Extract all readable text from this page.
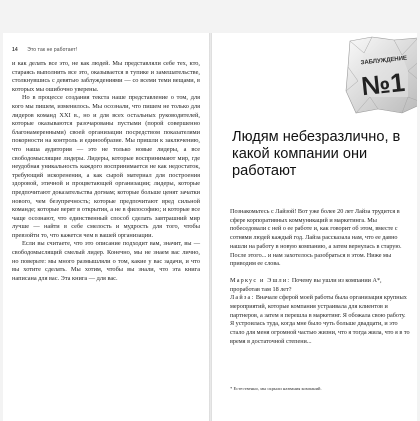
14 Это так не работает!

и как делать все это, не как людей. Мы представляли себе тех, кто, стараясь выполнить все это, оказывается в тупике и замешательстве, столкнувшись с девятью заблуждениями — со всеми теми вещами, в которых мы ошибочно уверены.

Но в процессе создания текста наше представление о том, для кого мы пишем, изменилось. Мы осознали, что пишем не только для лидеров команд XXI в., но и для всех остальных руководителей, которые оказываются разочарованы пустыми (порой совершенно благонамеренными) своей организации посредством показателями покорности на контроль и единообразие. Мы пришли к заключению, что наша аудитория — это не только новые лидеры, а все свободомыслящие лидеры. Лидеры, которые воспринимают мир, где неудобная уникальность каждого воспринимается не как недостаток, требующий искоренения, а как сырой материал для построения здоровой, этичной и процветающей организации; лидеры, которые предпочитают доказательства догмам; которые больше ценят зачатки нового, чем безупречность; которые предпочитают вред сильной команде; которые верят в открытия, а не в философию; и которые все чаще осознают, что единственный способ сделать завтрашний мир лучше — найти в себе смелость и мудрость для того, чтобы превзойти то, что кажется чем в вашей организации.

Если вы считаете, что это описание подходит вам, значит, вы — свободомыслящий смелый лидер. Конечно, мы не знаем вас лично, но поверьте: мы много размышляли о том, какие у вас задачи, и что вы хотите сделать. Мы хотим, чтобы вы знали, что эта книга написана для вас. Эта книга — для вас.

ЗАБЛУЖДЕНИЕ
№1
Людям небезразлично, в какой компании они работают

Познакомьтесь с Лайзой! Вот уже более 20 лет Лайза трудится в сфере корпоративных коммуникаций и маркетинга. Мы побеседовали с ней о ее работе и, как говорит об этом, вместе с сотнями людей каждый год. Лайза рассказала нам, что ее давно нашли на работу в новую компанию, а затем вернулась в старую. После этого... и нам захотелось разобраться в этом. Ниже мы приводим ее слова.

Маркус и Эшли: Почему вы ушли из компании A*, проработав там 18 лет?

Лайза: Вначале сферой моей работы была организация крупных мероприятий, которые компания устраивала для клиентов и партнеров, а затем я перешла в маркетинг. Я обожала свою работу. Я устроилась туда, когда мне было чуть больше двадцати, и это стало для меня огромной частью жизни, что я тогда жила, что я в то время в достаточной степени...

* Естественно, мы скрыли названия компаний.
